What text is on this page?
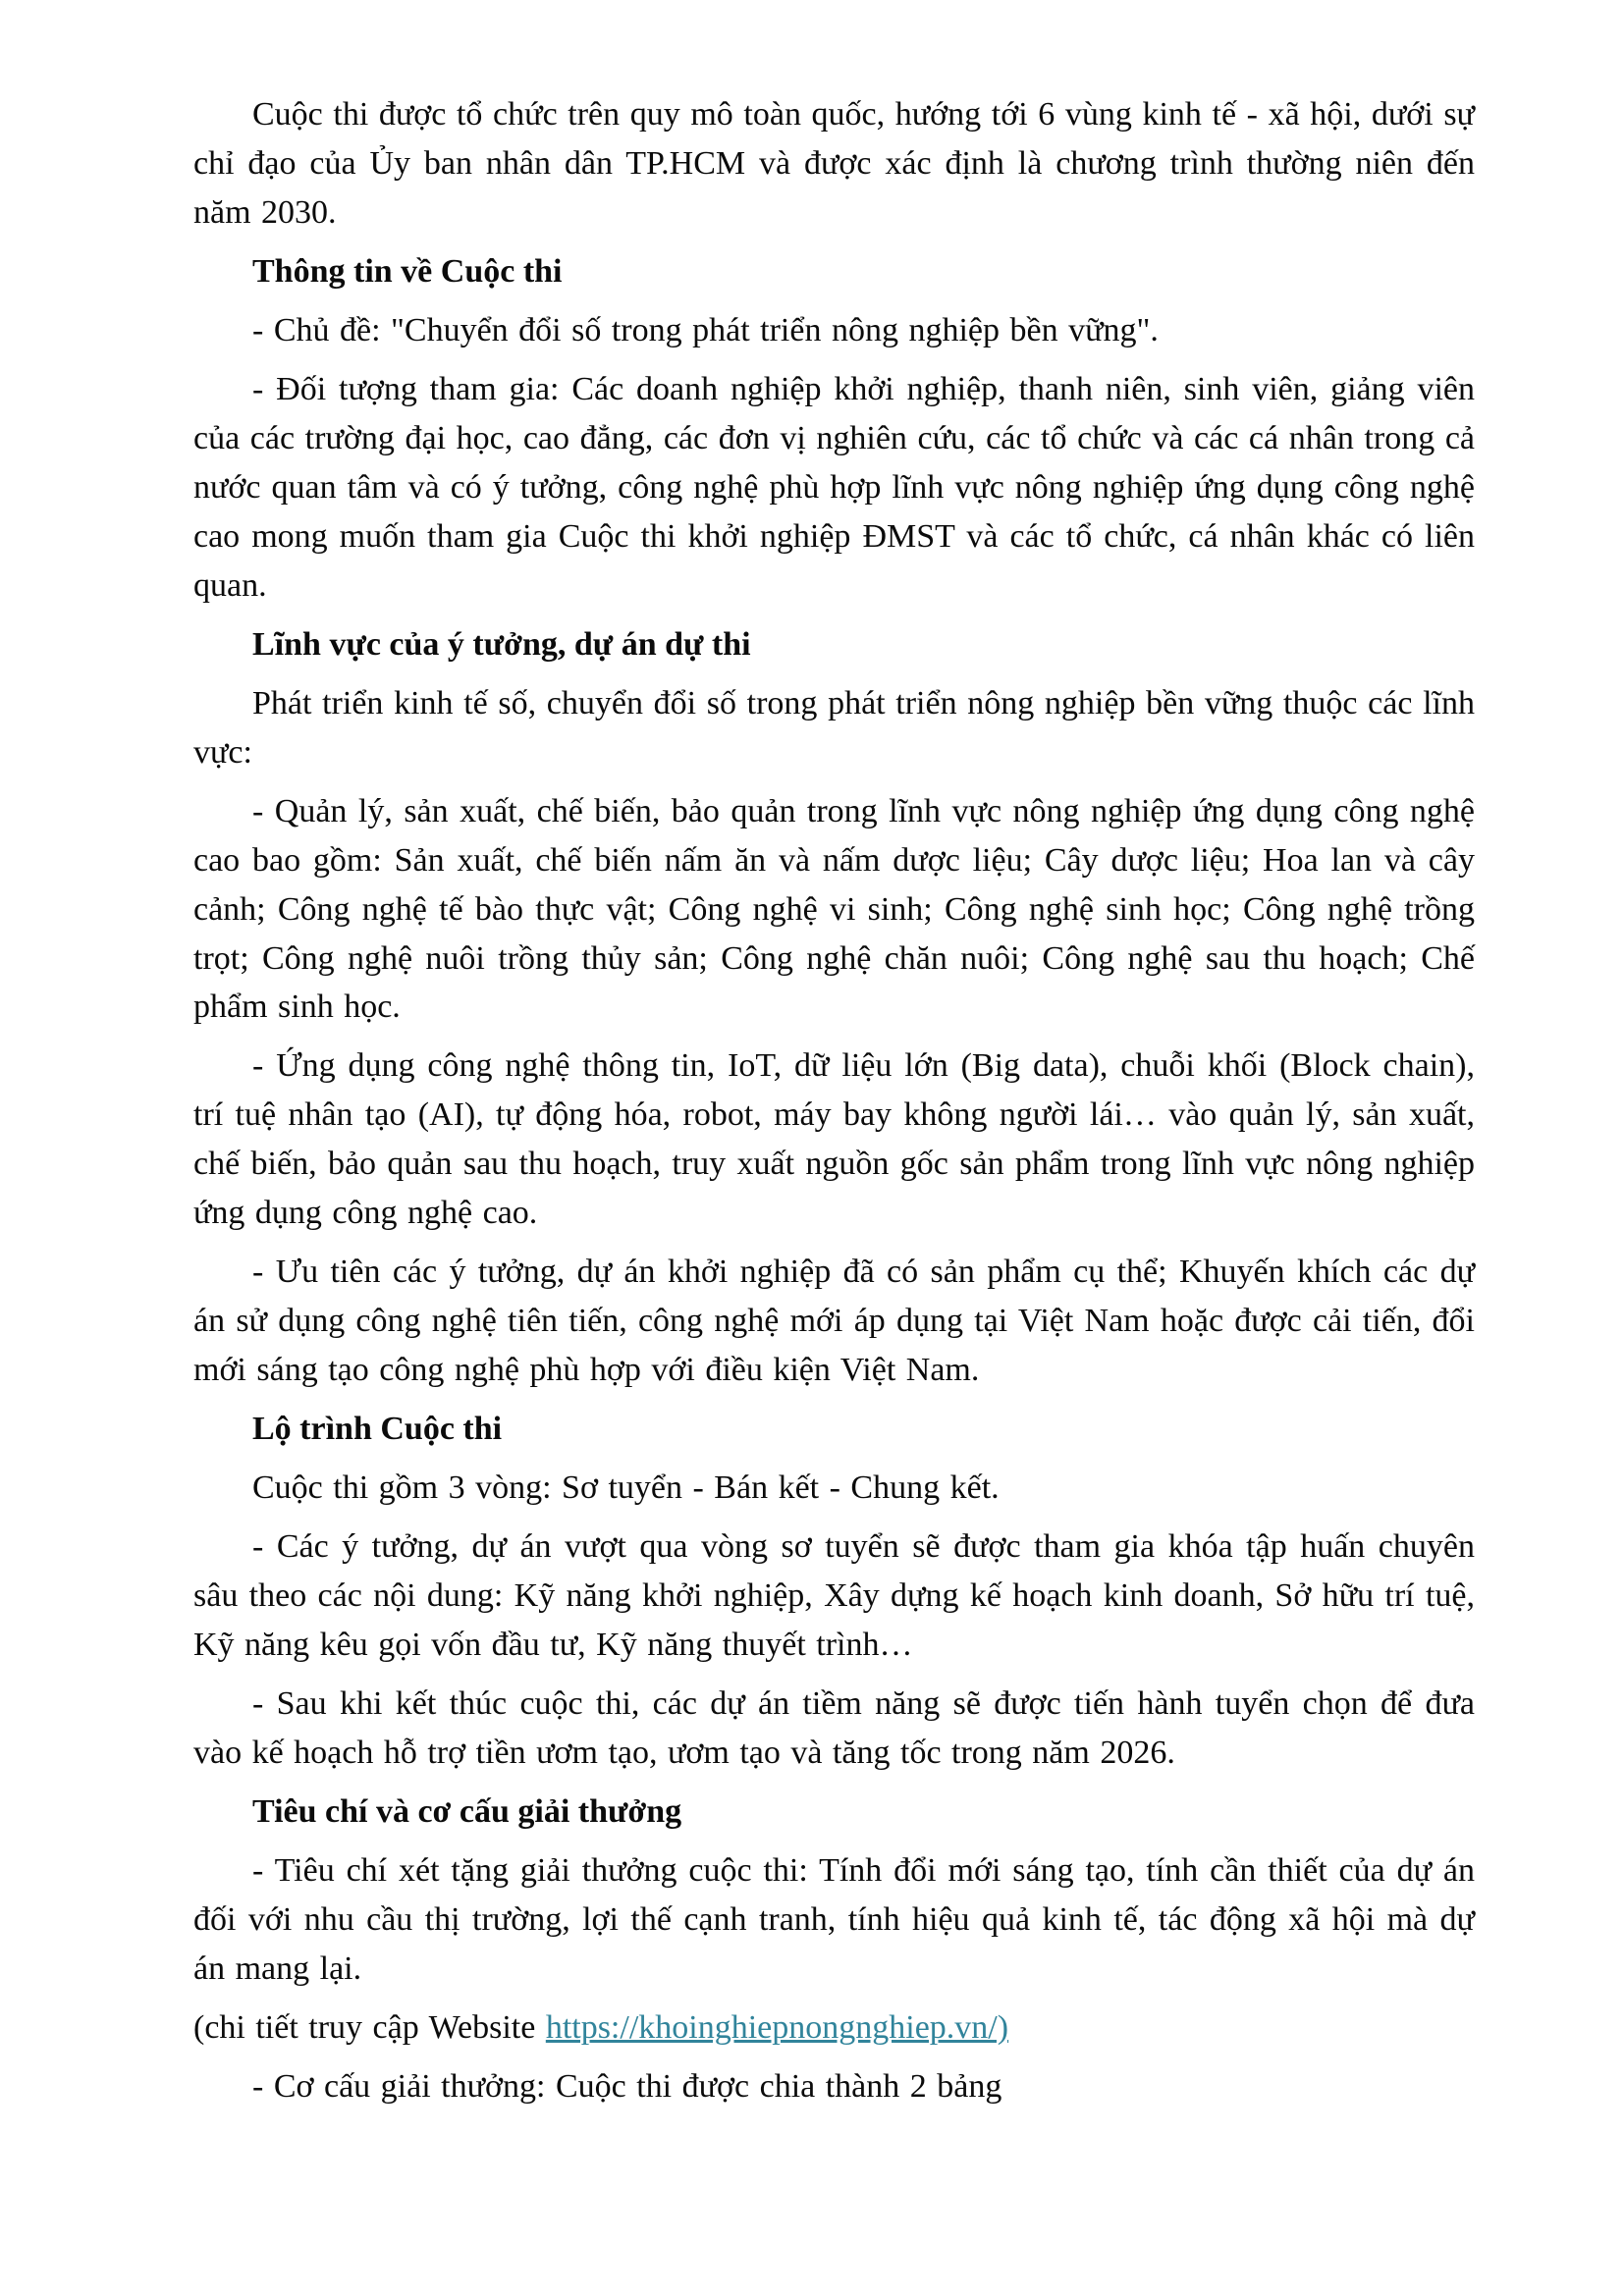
Cuộc thi được tổ chức trên quy mô toàn quốc, hướng tới 6 vùng kinh tế - xã hội, dưới sự chỉ đạo của Ủy ban nhân dân TP.HCM và được xác định là chương trình thường niên đến năm 2030.

Thông tin về Cuộc thi

- Chủ đề: "Chuyển đổi số trong phát triển nông nghiệp bền vững".

- Đối tượng tham gia: Các doanh nghiệp khởi nghiệp, thanh niên, sinh viên, giảng viên của các trường đại học, cao đẳng, các đơn vị nghiên cứu, các tổ chức và các cá nhân trong cả nước quan tâm và có ý tưởng, công nghệ phù hợp lĩnh vực nông nghiệp ứng dụng công nghệ cao mong muốn tham gia Cuộc thi khởi nghiệp ĐMST và các tổ chức, cá nhân khác có liên quan.

Lĩnh vực của ý tưởng, dự án dự thi

Phát triển kinh tế số, chuyển đổi số trong phát triển nông nghiệp bền vững thuộc các lĩnh vực:

- Quản lý, sản xuất, chế biến, bảo quản trong lĩnh vực nông nghiệp ứng dụng công nghệ cao bao gồm: Sản xuất, chế biến nấm ăn và nấm dược liệu; Cây dược liệu; Hoa lan và cây cảnh; Công nghệ tế bào thực vật; Công nghệ vi sinh; Công nghệ sinh học; Công nghệ trồng trọt; Công nghệ nuôi trồng thủy sản; Công nghệ chăn nuôi; Công nghệ sau thu hoạch; Chế phẩm sinh học.

- Ứng dụng công nghệ thông tin, IoT, dữ liệu lớn (Big data), chuỗi khối (Block chain), trí tuệ nhân tạo (AI), tự động hóa, robot, máy bay không người lái… vào quản lý, sản xuất, chế biến, bảo quản sau thu hoạch, truy xuất nguồn gốc sản phẩm trong lĩnh vực nông nghiệp ứng dụng công nghệ cao.

- Ưu tiên các ý tưởng, dự án khởi nghiệp đã có sản phẩm cụ thể; Khuyến khích các dự án sử dụng công nghệ tiên tiến, công nghệ mới áp dụng tại Việt Nam hoặc được cải tiến, đổi mới sáng tạo công nghệ phù hợp với điều kiện Việt Nam.

Lộ trình Cuộc thi

Cuộc thi gồm 3 vòng: Sơ tuyển - Bán kết - Chung kết.

- Các ý tưởng, dự án vượt qua vòng sơ tuyển sẽ được tham gia khóa tập huấn chuyên sâu theo các nội dung: Kỹ năng khởi nghiệp, Xây dựng kế hoạch kinh doanh, Sở hữu trí tuệ, Kỹ năng kêu gọi vốn đầu tư, Kỹ năng thuyết trình…

- Sau khi kết thúc cuộc thi, các dự án tiềm năng sẽ được tiến hành tuyển chọn để đưa vào kế hoạch hỗ trợ tiền ươm tạo, ươm tạo và tăng tốc trong năm 2026.

Tiêu chí và cơ cấu giải thưởng

- Tiêu chí xét tặng giải thưởng cuộc thi: Tính đổi mới sáng tạo, tính cần thiết của dự án đối với nhu cầu thị trường, lợi thế cạnh tranh, tính hiệu quả kinh tế, tác động xã hội mà dự án mang lại.

(chi tiết truy cập Website https://khoinghiepnongnghiep.vn/)

- Cơ cấu giải thưởng: Cuộc thi được chia thành 2 bảng
